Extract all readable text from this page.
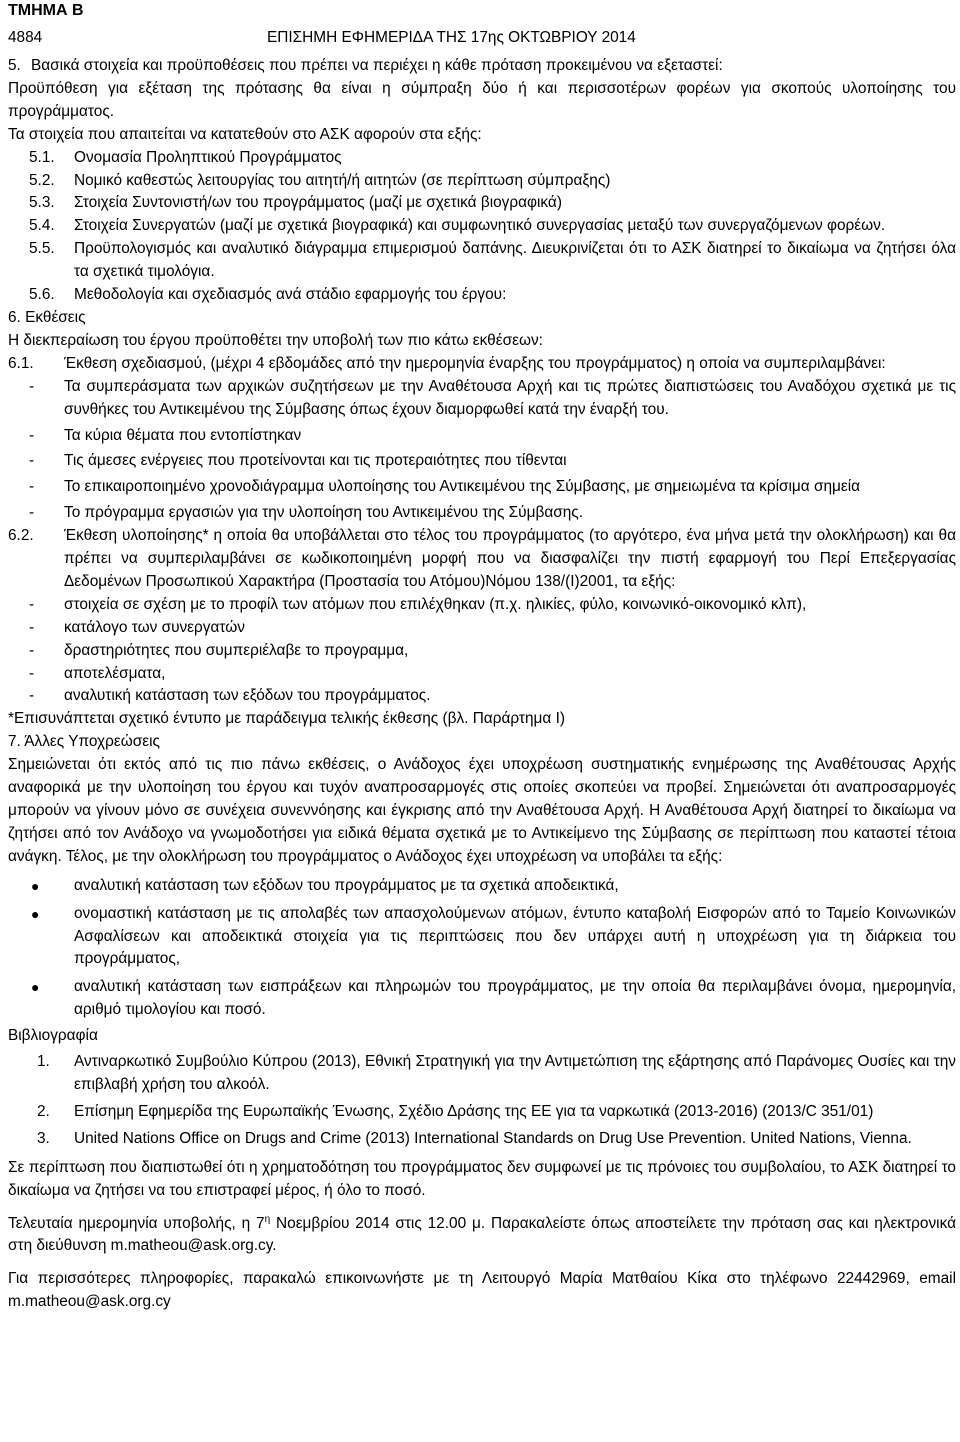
ΤΜΗΜΑ Β
4884	ΕΠΙΣΗΜΗ ΕΦΗΜΕΡΙΔΑ ΤΗΣ 17ης ΟΚΤΩΒΡΙΟΥ 2014
5. Βασικά στοιχεία και προϋποθέσεις που πρέπει να περιέχει η κάθε πρόταση προκειμένου να εξεταστεί:

Προϋπόθεση για εξέταση της πρότασης θα είναι η σύμπραξη δύο ή και περισσοτέρων φορέων για σκοπούς υλοποίησης του προγράμματος.

Τα στοιχεία που απαιτείται να κατατεθούν στο ΑΣΚ αφορούν στα εξής:

5.1.	Ονομασία Προληπτικού Προγράμματος
5.2.	Νομικό καθεστώς λειτουργίας του αιτητή/ή αιτητών (σε περίπτωση σύμπραξης)
5.3.	Στοιχεία Συντονιστή/ων του προγράμματος (μαζί με σχετικά βιογραφικά)
5.4.	Στοιχεία Συνεργατών (μαζί με σχετικά βιογραφικά) και συμφωνητικό συνεργασίας μεταξύ των συνεργαζόμενων φορέων.
5.5.	Προϋπολογισμός και αναλυτικό διάγραμμα επιμερισμού δαπάνης. Διευκρινίζεται ότι το ΑΣΚ διατηρεί το δικαίωμα να ζητήσει όλα τα σχετικά τιμολόγια.
5.6.	Μεθοδολογία και σχεδιασμός ανά στάδιο εφαρμογής του έργου:

6. Εκθέσεις

Η διεκπεραίωση του έργου προϋποθέτει την υποβολή των πιο κάτω εκθέσεων:

6.1.	Έκθεση σχεδιασμού, (μέχρι 4 εβδομάδες από την ημερομηνία έναρξης του προγράμματος) η οποία να συμπεριλαμβάνει:
-	Τα συμπεράσματα των αρχικών συζητήσεων με την Αναθέτουσα Αρχή και τις πρώτες διαπιστώσεις του Αναδόχου σχετικά με τις συνθήκες του Αντικειμένου της Σύμβασης όπως έχουν διαμορφωθεί κατά την έναρξή του.
-	Τα κύρια θέματα που εντοπίστηκαν
-	Τις άμεσες ενέργειες που προτείνονται και τις προτεραιότητες που τίθενται
-	Το επικαιροποιημένο χρονοδιάγραμμα υλοποίησης του Αντικειμένου της Σύμβασης, με σημειωμένα τα κρίσιμα σημεία
-	Το πρόγραμμα εργασιών για την υλοποίηση του Αντικειμένου της Σύμβασης.
6.2.	Έκθεση υλοποίησης* η οποία θα υποβάλλεται στο τέλος του προγράμματος (το αργότερο, ένα μήνα μετά την ολοκλήρωση) και θα πρέπει να συμπεριλαμβάνει σε κωδικοποιημένη μορφή που να διασφαλίζει την πιστή εφαρμογή του Περί Επεξεργασίας Δεδομένων Προσωπικού Χαρακτήρα (Προστασία του Ατόμου)Νόμου 138/(Ι)2001, τα εξής:
-	στοιχεία σε σχέση με το προφίλ των ατόμων που επιλέχθηκαν (π.χ. ηλικίες, φύλο, κοινωνικό-οικονομικό κλπ),
-	κατάλογο των συνεργατών
-	δραστηριότητες που συμπεριέλαβε το προγραμμα,
-	αποτελέσματα,
-	αναλυτική κατάσταση των εξόδων του προγράμματος.

*Επισυνάπτεται σχετικό έντυπο με παράδειγμα τελικής έκθεσης (βλ. Παράρτημα Ι)

7. Άλλες Υποχρεώσεις

Σημειώνεται ότι εκτός από τις πιο πάνω εκθέσεις, ο Ανάδοχος έχει υποχρέωση συστηματικής ενημέρωσης της Αναθέτουσας Αρχής αναφορικά με την υλοποίηση του έργου και τυχόν αναπροσαρμογές στις οποίες σκοπεύει να προβεί. Σημειώνεται ότι αναπροσαρμογές μπορούν να γίνουν μόνο σε συνέχεια συνεννόησης και έγκρισης από την Αναθέτουσα Αρχή. Η Αναθέτουσα Αρχή διατηρεί το δικαίωμα να ζητήσει από τον Ανάδοχο να γνωμοδοτήσει για ειδικά θέματα σχετικά με το Αντικείμενο της Σύμβασης σε περίπτωση που καταστεί τέτοια ανάγκη. Τέλος, με την ολοκλήρωση του προγράμματος ο Ανάδοχος έχει υποχρέωση να υποβάλει τα εξής:

●	αναλυτική κατάσταση των εξόδων του προγράμματος με τα σχετικά αποδεικτικά,
●	ονομαστική κατάσταση με τις απολαβές των απασχολούμενων ατόμων, έντυπο καταβολή Εισφορών από το Ταμείο Κοινωνικών Ασφαλίσεων και αποδεικτικά στοιχεία για τις περιπτώσεις που δεν υπάρχει αυτή η υποχρέωση για τη διάρκεια του προγράμματος,
●	αναλυτική κατάσταση των εισπράξεων και πληρωμών του προγράμματος, με την οποία θα περιλαμβάνει όνομα, ημερομηνία, αριθμό τιμολογίου και ποσό.

Βιβλιογραφία

1.	Αντιναρκωτικό Συμβούλιο Κύπρου (2013), Εθνική Στρατηγική για την Αντιμετώπιση της εξάρτησης από Παράνομες Ουσίες και την επιβλαβή χρήση του αλκοόλ.
2.	Επίσημη Εφημερίδα της Ευρωπαϊκής Ένωσης, Σχέδιο Δράσης της ΕΕ για τα ναρκωτικά (2013-2016) (2013/C 351/01)
3.	United Nations Office on Drugs and Crime (2013) International Standards on Drug Use Prevention. United Nations, Vienna.

Σε περίπτωση που διαπιστωθεί ότι η χρηματοδότηση του προγράμματος δεν συμφωνεί με τις πρόνοιες του συμβολαίου, το ΑΣΚ διατηρεί το δικαίωμα να ζητήσει να του επιστραφεί μέρος, ή όλο το ποσό.

Τελευταία ημερομηνία υποβολής, η $7^\eta$ Νοεμβρίου 2014 στις 12.00 μ. Παρακαλείστε όπως αποστείλετε την πρόταση σας και ηλεκτρονικά στη διεύθυνση m.matheou@ask.org.cy.

Για περισσότερες πληροφορίες, παρακαλώ επικοινωνήστε με τη Λειτουργό Μαρία Ματθαίου Κίκα στο τηλέφωνο 22442969, email m.matheou@ask.org.cy
